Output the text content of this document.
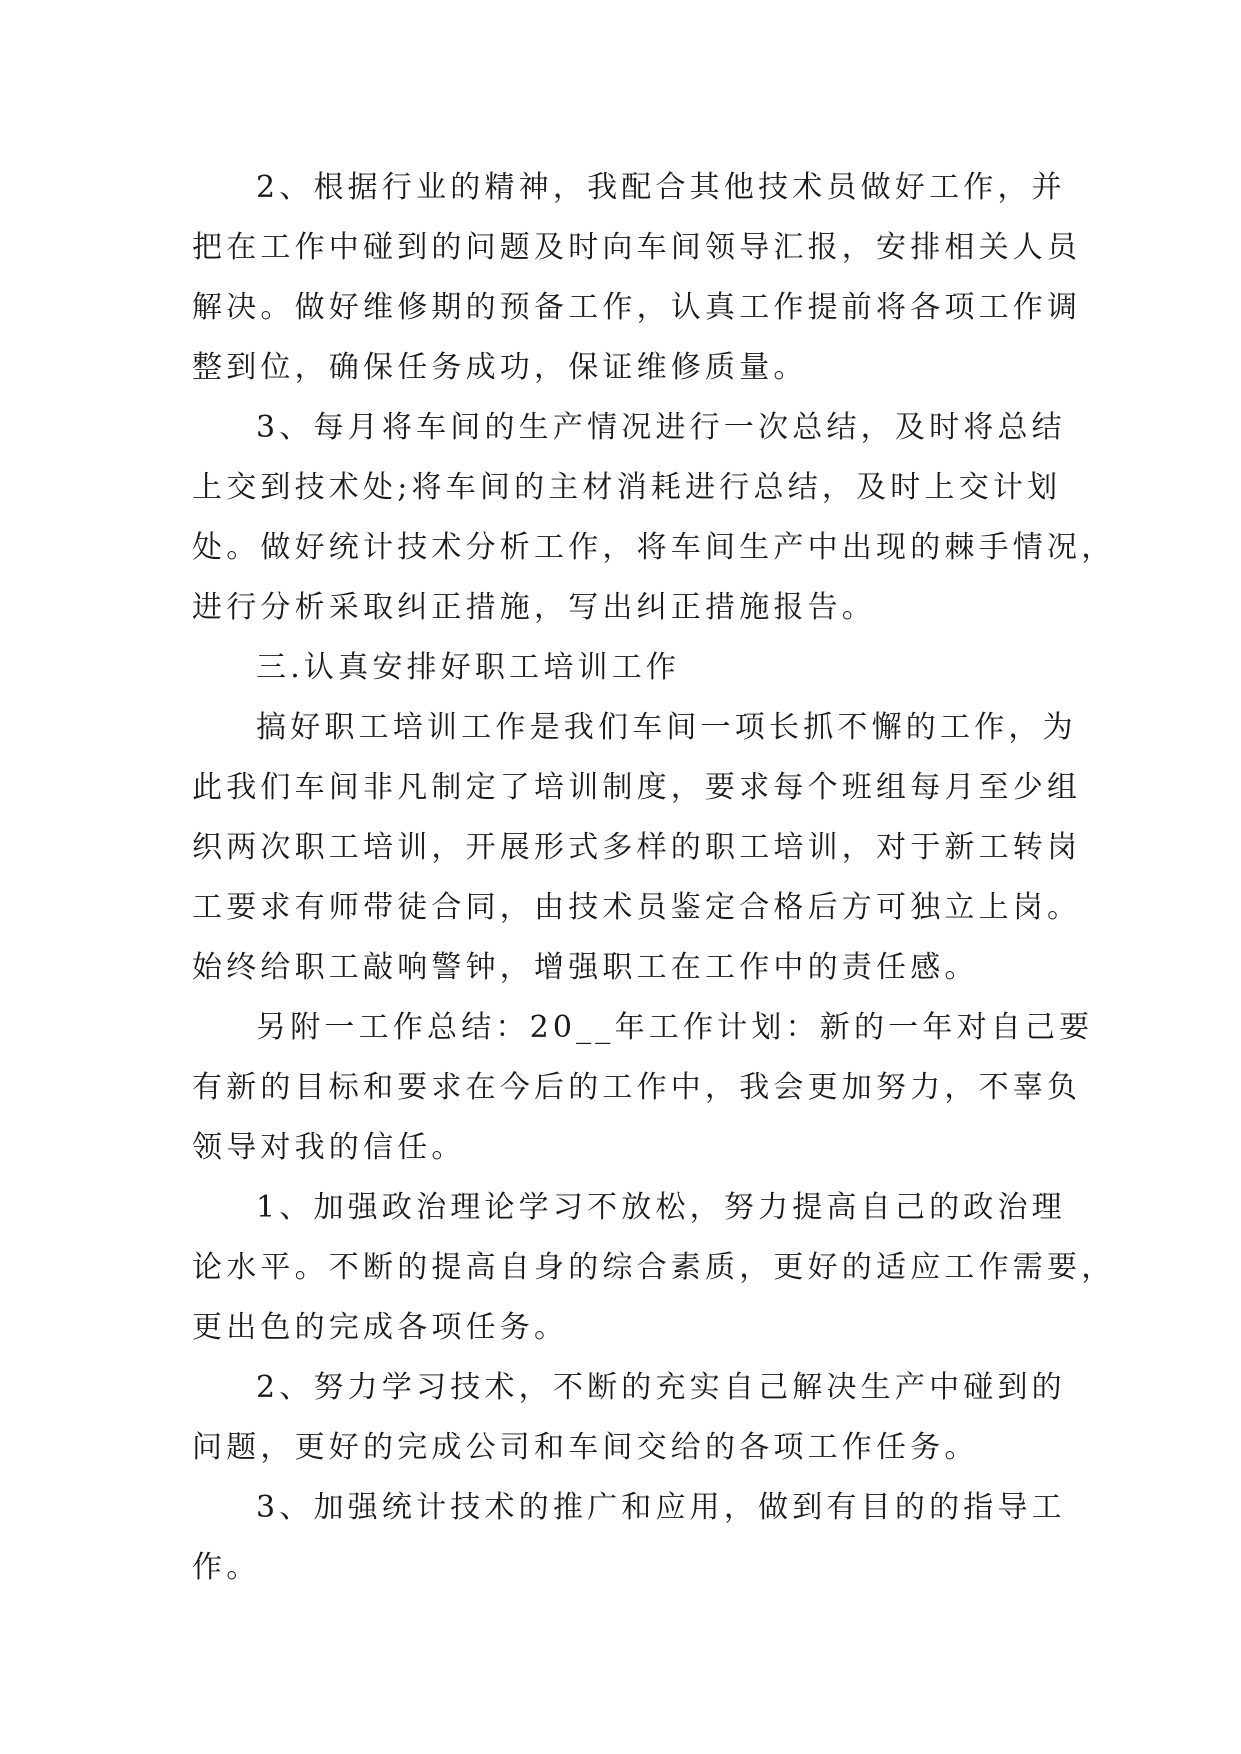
2、根据行业的精神，我配合其他技术员做好工作，并
把在工作中碰到的问题及时向车间领导汇报，安排相关人员
解决。做好维修期的预备工作，认真工作提前将各项工作调
整到位，确保任务成功，保证维修质量。

3、每月将车间的生产情况进行一次总结，及时将总结
上交到技术处;将车间的主材消耗进行总结，及时上交计划
处。做好统计技术分析工作，将车间生产中出现的棘手情况，
进行分析采取纠正措施，写出纠正措施报告。

三.认真安排好职工培训工作

搞好职工培训工作是我们车间一项长抓不懈的工作，为
此我们车间非凡制定了培训制度，要求每个班组每月至少组
织两次职工培训，开展形式多样的职工培训，对于新工转岗
工要求有师带徒合同，由技术员鉴定合格后方可独立上岗。
始终给职工敲响警钟，增强职工在工作中的责任感。

另附一工作总结：20__年工作计划：新的一年对自己要
有新的目标和要求在今后的工作中，我会更加努力，不辜负
领导对我的信任。

1、加强政治理论学习不放松，努力提高自己的政治理
论水平。不断的提高自身的综合素质，更好的适应工作需要，
更出色的完成各项任务。

2、努力学习技术，不断的充实自己解决生产中碰到的
问题，更好的完成公司和车间交给的各项工作任务。

3、加强统计技术的推广和应用，做到有目的的指导工
作。
